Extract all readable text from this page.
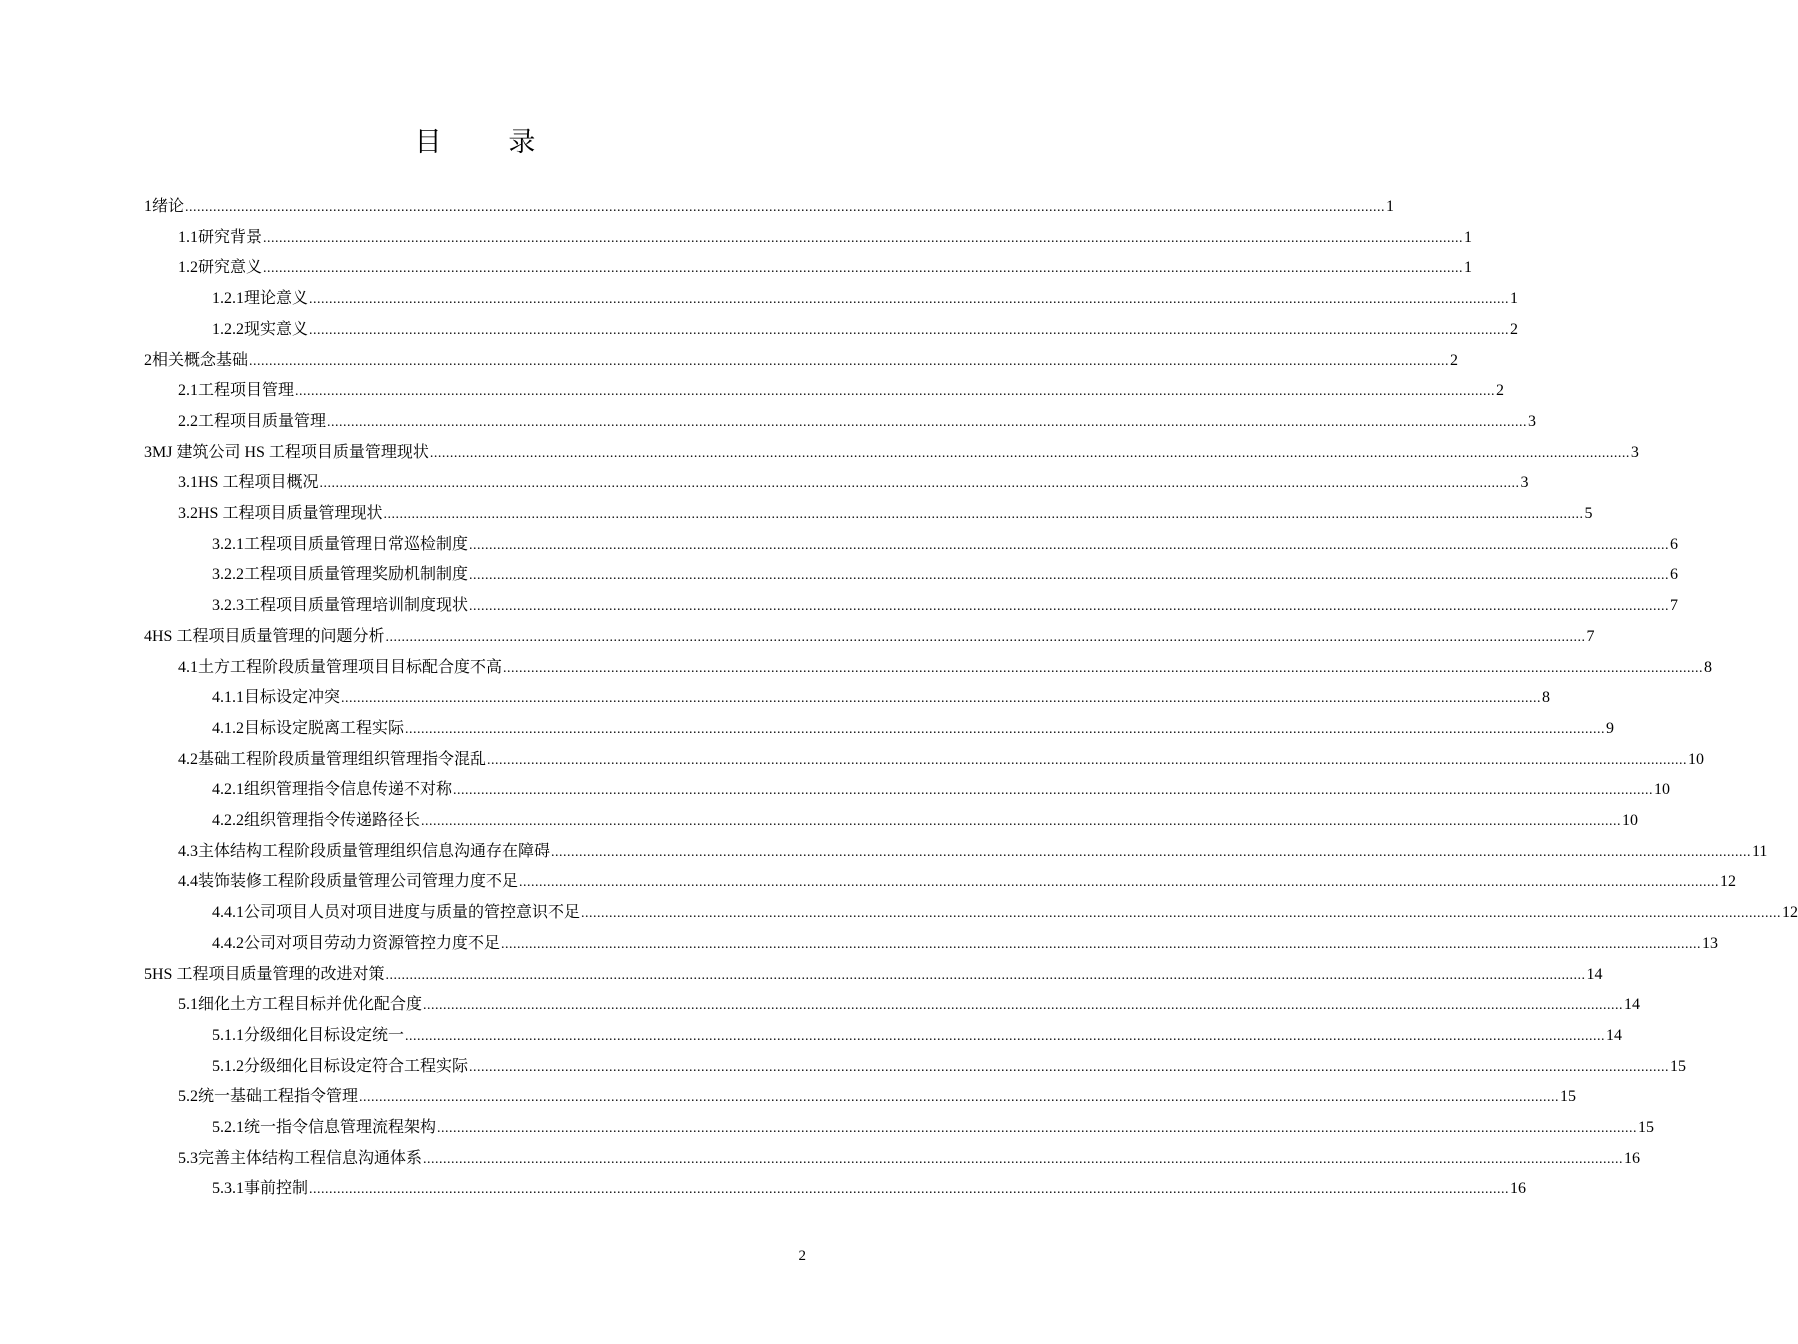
目 录
1 绪论 ............................................................................................................................................................................................................................................................................................................ 1
1.1 研究背景 ............................................................................................................................................................................................................................................................................................................ 1
1.2 研究意义 ............................................................................................................................................................................................................................................................................................................ 1
1.2.1 理论意义 ............................................................................................................................................................................................................................................................................................................ 1
1.2.2 现实意义 ............................................................................................................................................................................................................................................................................................................ 2
2 相关概念基础 ............................................................................................................................................................................................................................................................................................................ 2
2.1 工程项目管理 ............................................................................................................................................................................................................................................................................................................ 2
2.2 工程项目质量管理 ............................................................................................................................................................................................................................................................................................................ 3
3 MJ 建筑公司 HS 工程项目质量管理现状 ............................................................................................................................................................................................................................................................................................................ 3
3.1 HS 工程项目概况 ............................................................................................................................................................................................................................................................................................................ 3
3.2 HS 工程项目质量管理现状 ............................................................................................................................................................................................................................................................................................................ 5
3.2.1 工程项目质量管理日常巡检制度 ............................................................................................................................................................................................................................................................................................................ 6
3.2.2 工程项目质量管理奖励机制制度 ............................................................................................................................................................................................................................................................................................................ 6
3.2.3 工程项目质量管理培训制度现状 ............................................................................................................................................................................................................................................................................................................ 7
4 HS 工程项目质量管理的问题分析 ............................................................................................................................................................................................................................................................................................................ 7
4.1 土方工程阶段质量管理项目目标配合度不高 ............................................................................................................................................................................................................................................................................................................ 8
4.1.1 目标设定冲突 ............................................................................................................................................................................................................................................................................................................ 8
4.1.2 目标设定脱离工程实际 ............................................................................................................................................................................................................................................................................................................ 9
4.2 基础工程阶段质量管理组织管理指令混乱 ............................................................................................................................................................................................................................................................................................................ 10
4.2.1 组织管理指令信息传递不对称 ............................................................................................................................................................................................................................................................................................................ 10
4.2.2 组织管理指令传递路径长 ............................................................................................................................................................................................................................................................................................................ 10
4.3 主体结构工程阶段质量管理组织信息沟通存在障碍 ............................................................................................................................................................................................................................................................................................................ 11
4.4 装饰装修工程阶段质量管理公司管理力度不足 ............................................................................................................................................................................................................................................................................................................ 12
4.4.1 公司项目人员对项目进度与质量的管控意识不足 ............................................................................................................................................................................................................................................................................................................ 12
4.4.2 公司对项目劳动力资源管控力度不足 ............................................................................................................................................................................................................................................................................................................ 13
5 HS 工程项目质量管理的改进对策 ............................................................................................................................................................................................................................................................................................................ 14
5.1 细化土方工程目标并优化配合度 ............................................................................................................................................................................................................................................................................................................ 14
5.1.1 分级细化目标设定统一 ............................................................................................................................................................................................................................................................................................................ 14
5.1.2 分级细化目标设定符合工程实际 ............................................................................................................................................................................................................................................................................................................ 15
5.2 统一基础工程指令管理 ............................................................................................................................................................................................................................................................................................................ 15
5.2.1 统一指令信息管理流程架构 ............................................................................................................................................................................................................................................................................................................ 15
5.3 完善主体结构工程信息沟通体系 ............................................................................................................................................................................................................................................................................................................ 16
5.3.1 事前控制 ............................................................................................................................................................................................................................................................................................................ 16
2
